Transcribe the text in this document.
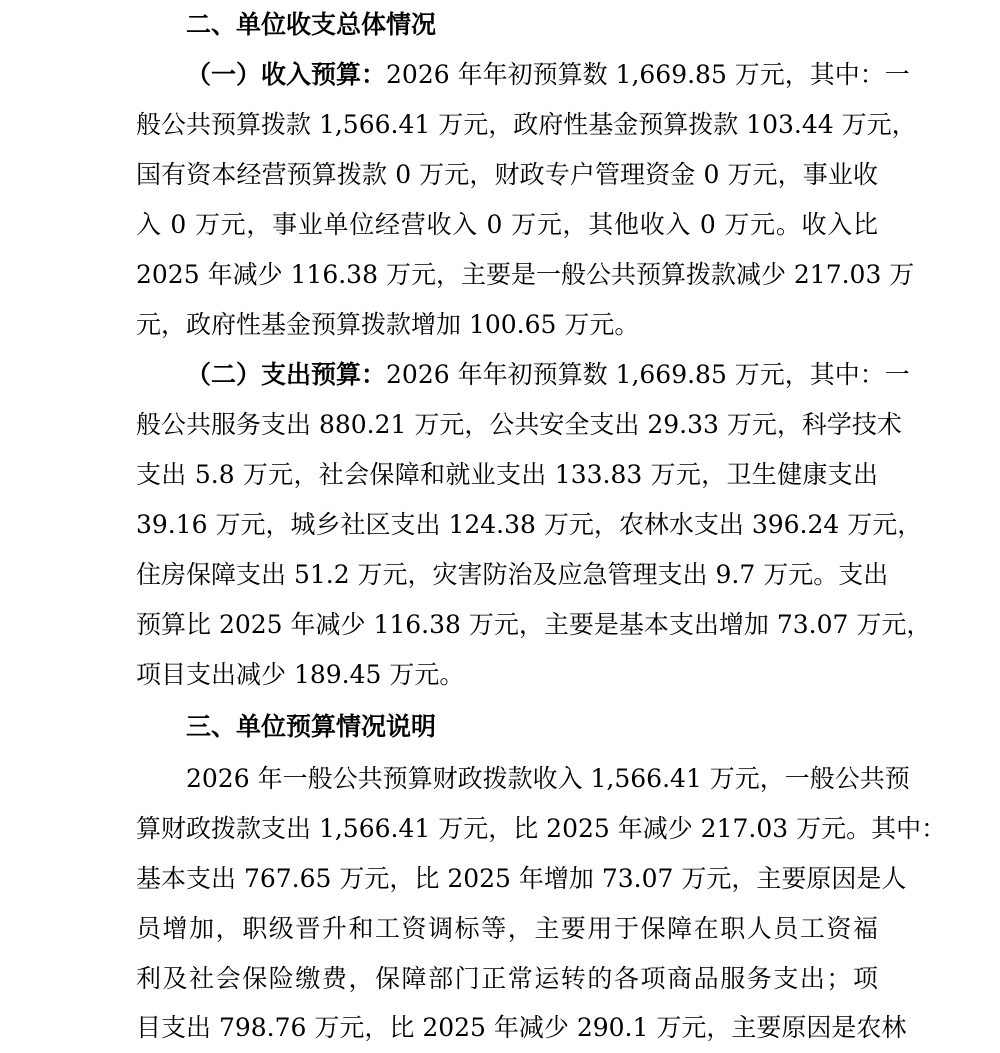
二、单位收支总体情况
（一）收入预算：2026 年年初预算数 1,669.85 万元，其中：一
般公共预算拨款 1,566.41 万元，政府性基金预算拨款 103.44 万元，
国有资本经营预算拨款 0 万元，财政专户管理资金 0 万元，事业收
入 0 万元，事业单位经营收入 0 万元，其他收入 0 万元。收入比
2025 年减少 116.38 万元，主要是一般公共预算拨款减少 217.03 万
元，政府性基金预算拨款增加 100.65 万元。
（二）支出预算：2026 年年初预算数 1,669.85 万元，其中：一
般公共服务支出 880.21 万元，公共安全支出 29.33 万元，科学技术
支出 5.8 万元，社会保障和就业支出 133.83 万元，卫生健康支出
39.16 万元，城乡社区支出 124.38 万元，农林水支出 396.24 万元，
住房保障支出 51.2 万元，灾害防治及应急管理支出 9.7 万元。支出
预算比 2025 年减少 116.38 万元，主要是基本支出增加 73.07 万元，
项目支出减少 189.45 万元。
三、单位预算情况说明
2026 年一般公共预算财政拨款收入 1,566.41 万元，一般公共预
算财政拨款支出 1,566.41 万元，比 2025 年减少 217.03 万元。其中：
基本支出 767.65 万元，比 2025 年增加 73.07 万元，主要原因是人
员增加，职级晋升和工资调标等，主要用于保障在职人员工资福
利及社会保险缴费，保障部门正常运转的各项商品服务支出；项
目支出 798.76 万元，比 2025 年减少 290.1 万元，主要原因是农林
